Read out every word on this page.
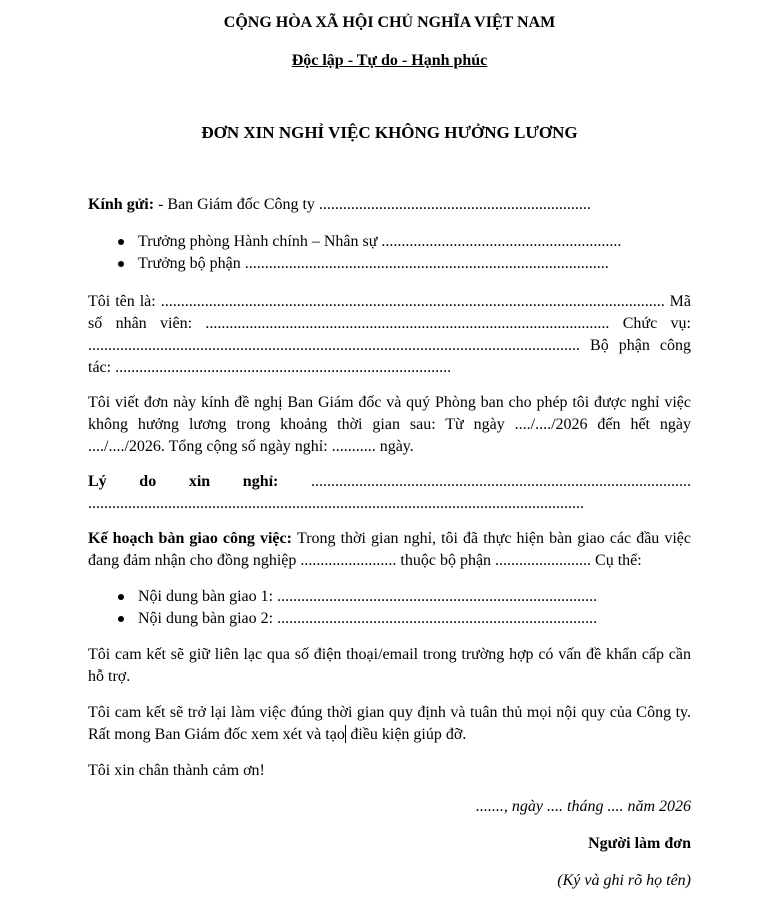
CỘNG HÒA XÃ HỘI CHỦ NGHĨA VIỆT NAM
Độc lập - Tự do - Hạnh phúc
ĐƠN XIN NGHỈ VIỆC KHÔNG HƯỞNG LƯƠNG

Kính gửi: - Ban Giám đốc Công ty ....................................................................

Trưởng phòng Hành chính – Nhân sự ............................................................
Trưởng bộ phận ...........................................................................................

Tôi tên là: .............................................................................................................................. Mã số nhân viên: ..................................................................................................... Chức vụ: ........................................................................................................................... Bộ phận công tác: ....................................................................................

Tôi viết đơn này kính đề nghị Ban Giám đốc và quý Phòng ban cho phép tôi được nghỉ việc không hưởng lương trong khoảng thời gian sau: Từ ngày ..../..../2026 đến hết ngày ..../..../2026. Tổng cộng số ngày nghỉ: ........... ngày.

Lý do xin nghỉ: ............................................................................................... ............................................................................................................................

Kế hoạch bàn giao công việc: Trong thời gian nghỉ, tôi đã thực hiện bàn giao các đầu việc đang đảm nhận cho đồng nghiệp ........................ thuộc bộ phận ........................ Cụ thể:

Nội dung bàn giao 1: ................................................................................
Nội dung bàn giao 2: ................................................................................

Tôi cam kết sẽ giữ liên lạc qua số điện thoại/email trong trường hợp có vấn đề khẩn cấp cần hỗ trợ.

Tôi cam kết sẽ trở lại làm việc đúng thời gian quy định và tuân thủ mọi nội quy của Công ty. Rất mong Ban Giám đốc xem xét và tạo điều kiện giúp đỡ.

Tôi xin chân thành cảm ơn!

......., ngày .... tháng .... năm 2026

Người làm đơn

(Ký và ghi rõ họ tên)
